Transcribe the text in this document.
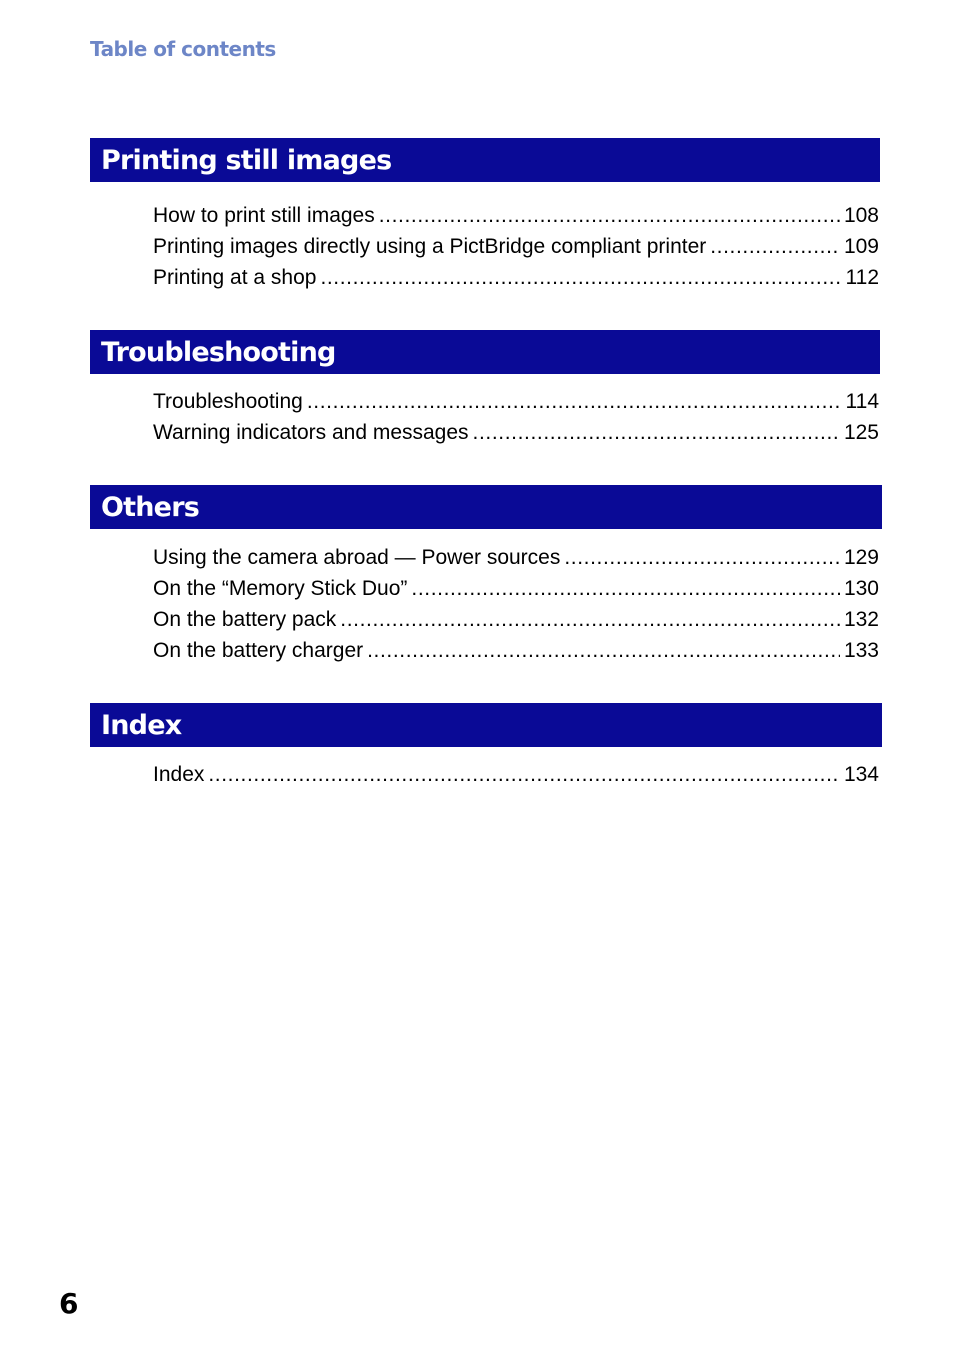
Table of contents
Printing still images
How to print still images .....	108
Printing images directly using a PictBridge compliant printer .....	109
Printing at a shop .....	112
Troubleshooting
Troubleshooting .....	114
Warning indicators and messages .....	125
Others
Using the camera abroad — Power sources .....	129
On the “Memory Stick Duo” .....	130
On the battery pack .....	132
On the battery charger .....	133
Index
Index .....	134
6
